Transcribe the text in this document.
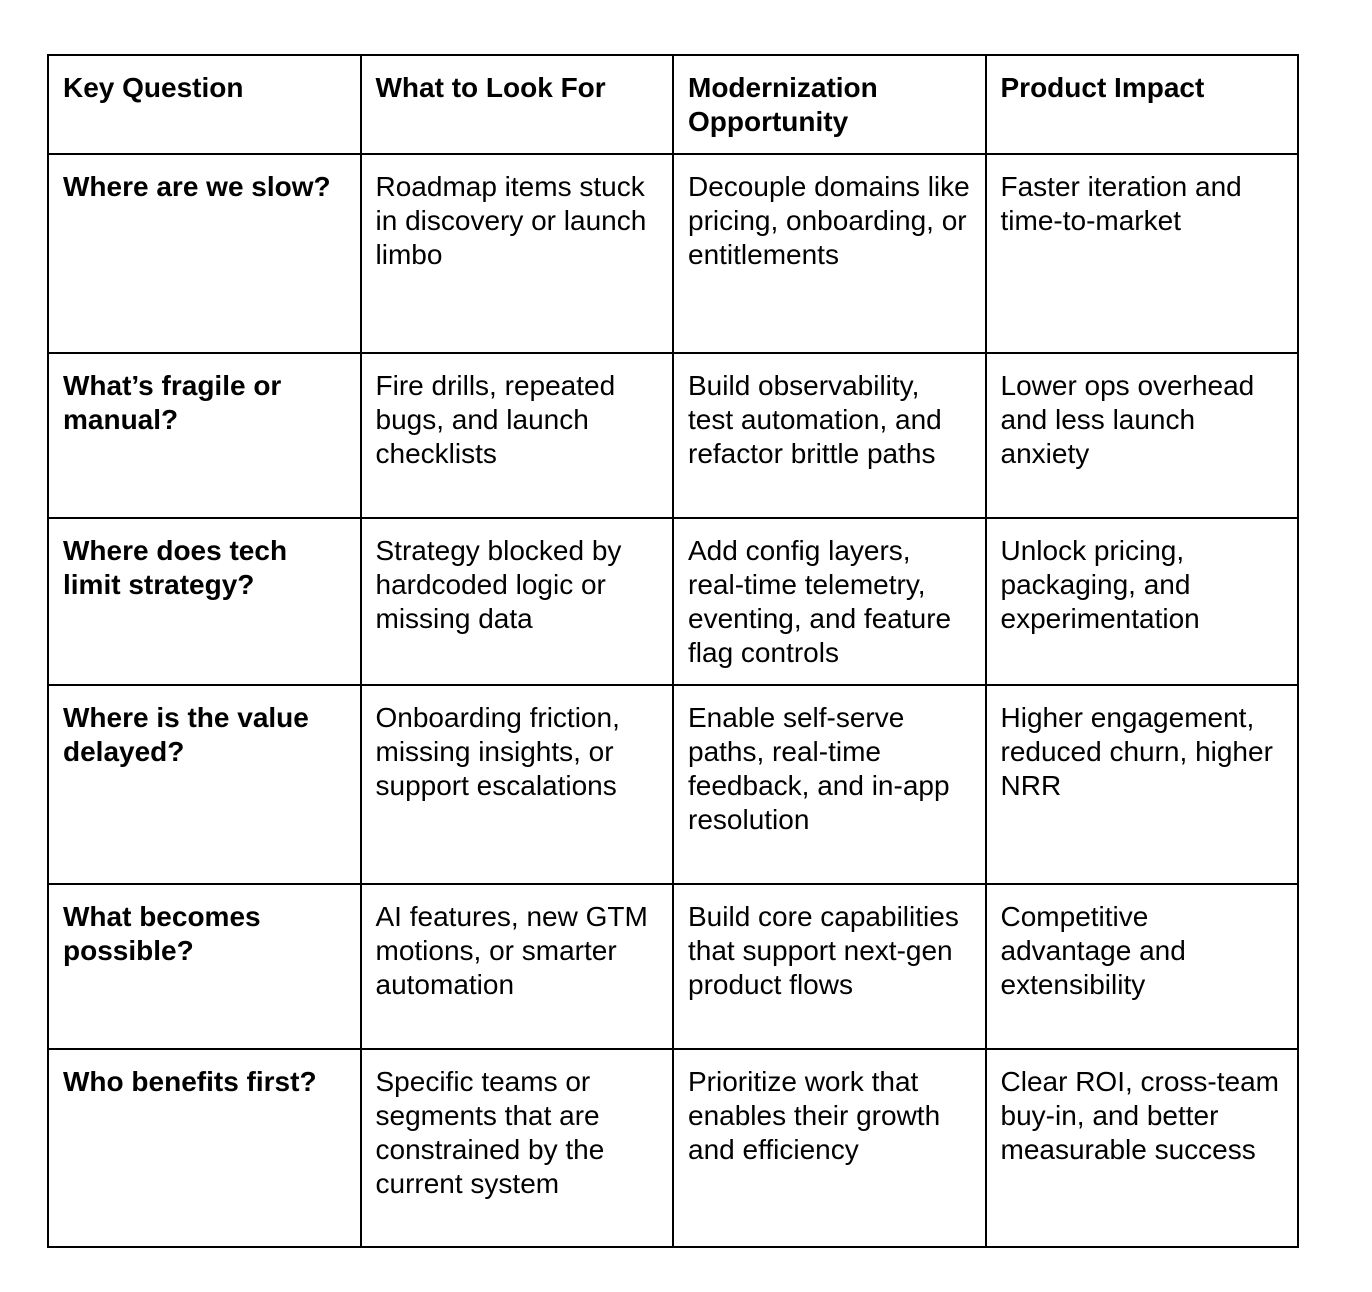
Key Question	What to Look For	Modernization Opportunity	Product Impact
Where are we slow?	Roadmap items stuck in discovery or launch limbo	Decouple domains like pricing, onboarding, or entitlements	Faster iteration and time-to-market
What’s fragile or manual?	Fire drills, repeated bugs, and launch checklists	Build observability, test automation, and refactor brittle paths	Lower ops overhead and less launch anxiety
Where does tech limit strategy?	Strategy blocked by hardcoded logic or missing data	Add config layers, real-time telemetry, eventing, and feature flag controls	Unlock pricing, packaging, and experimentation
Where is the value delayed?	Onboarding friction, missing insights, or support escalations	Enable self-serve paths, real-time feedback, and in-app resolution	Higher engagement, reduced churn, higher NRR
What becomes possible?	AI features, new GTM motions, or smarter automation	Build core capabilities that support next-gen product flows	Competitive advantage and extensibility
Who benefits first?	Specific teams or segments that are constrained by the current system	Prioritize work that enables their growth and efficiency	Clear ROI, cross-team buy-in, and better measurable success
